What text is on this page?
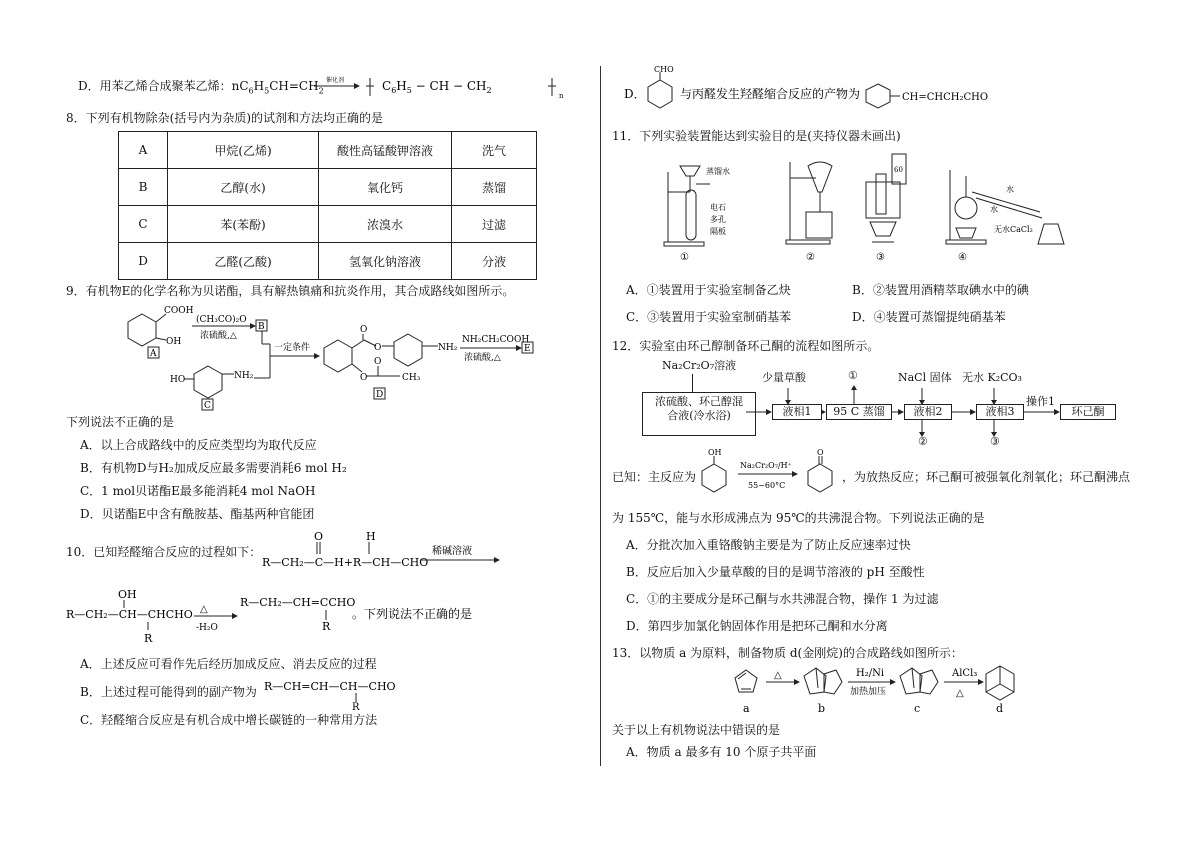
D．用苯乙烯合成聚苯乙烯：$nC_6H_5CH=CH_2$
催化剂	$C_6H_5$ − CH − $CH_2$
n
8．下列有机物除杂(括号内为杂质)的试剂和方法均正确的是
A	甲烷(乙烯)	酸性高锰酸钾溶液	洗气
B	乙醇(水)	氧化钙	蒸馏
C	苯(苯酚)	浓溴水	过滤
D	乙醛(乙酸)	氢氧化钠溶液	分液
9．有机物E的化学名称为贝诺酯，具有解热镇痛和抗炎作用，其合成路线如图所示。
COOH
OH
A
(CH₃CO)₂O
浓硫酸,△
B
HO	NH₂
C
一定条件
O
O	NH₂
O
O
CH₃
D
NH₂CH₂COOH
浓硫酸,△
E
下列说法不正确的是
A．以上合成路线中的反应类型均为取代反应
B．有机物D与H₂加成反应最多需要消耗6 mol H₂
C．1 mol贝诺酯E最多能消耗4 mol NaOH
D．贝诺酯E中含有酰胺基、酯基两种官能团
10．已知羟醛缩合反应的过程如下：
O	H
R—CH₂—C—H+R—CH—CHO
稀碱溶液
OH
R—CH₂—CH—CHCHO
R
△
-H₂O
R—CH₂—CH=CCHO
R
。下列说法不正确的是
A．上述反应可看作先后经历加成反应、消去反应的过程
B．上述过程可能得到的副产物为 R—CH=CH—CH—CHO
R
C．羟醛缩合反应是有机合成中增长碳链的一种常用方法
D．
CHO
与丙醛发生羟醛缩合反应的产物为	CH=CHCH₂CHO
11．下列实验装置能达到实验目的是(夹持仪器未画出)
蒸馏水
电石
多孔
隔板
①	②
60
③
水
水
无水CaCl₂
④
A．①装置用于实验室制备乙炔	B．②装置用酒精萃取碘水中的碘
C．③装置用于实验室制硝基苯	D．④装置可蒸馏提纯硝基苯
12．实验室由环己醇制备环己酮的流程如图所示。
Na₂Cr₂O₇溶液
浓硫酸、环己醇混
合液(冷水浴)
少量草酸	①	NaCl 固体 无水 K₂CO₃
液相1	95 C 蒸馏	液相2	液相3
操作1
环己酮
②	③
已知：主反应为
OH
Na₂Cr₂O₇/H⁺
55~60°C
O
，为放热反应；环己酮可被强氧化剂氧化；环己酮沸点
为 155℃，能与水形成沸点为 95℃的共沸混合物。下列说法正确的是
A．分批次加入重铬酸钠主要是为了防止反应速率过快
B．反应后加入少量草酸的目的是调节溶液的 pH 至酸性
C．①的主要成分是环己酮与水共沸混合物，操作 1 为过滤
D．第四步加氯化钠固体作用是把环己酮和水分离
13．以物质 a 为原料，制备物质 d(金刚烷)的合成路线如图所示：
a
△
b
H₂/Ni
加热加压
c
AlCl₃
△
d
关于以上有机物说法中错误的是
A．物质 a 最多有 10 个原子共平面
